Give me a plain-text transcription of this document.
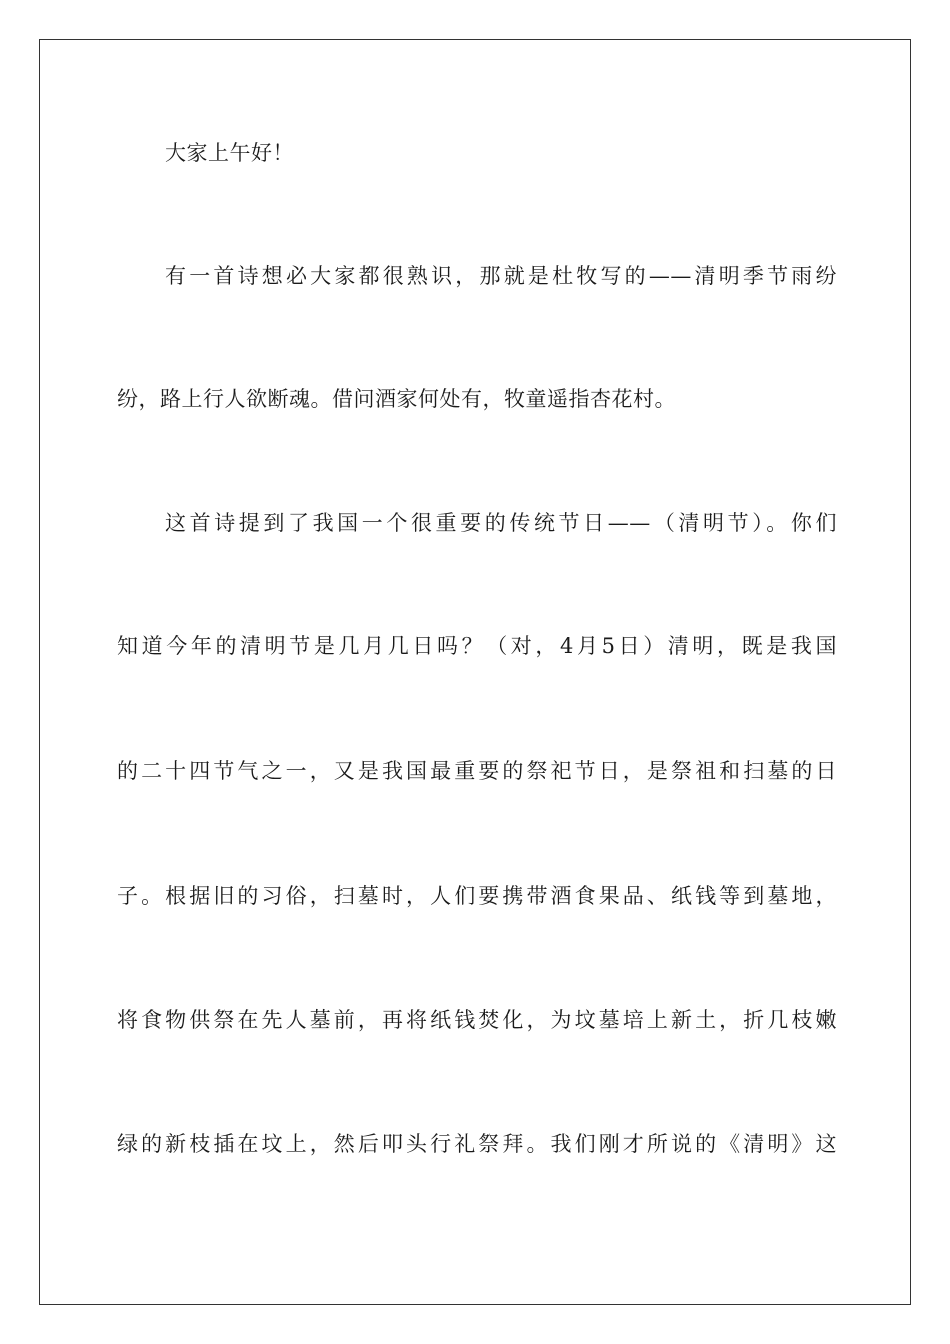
大家上午好！
有一首诗想必大家都很熟识，那就是杜牧写的——清明季节雨纷
纷，路上行人欲断魂。借问酒家何处有，牧童遥指杏花村。
这首诗提到了我国一个很重要的传统节日——（清明节）。你们
知道今年的清明节是几月几日吗？（对，4月5日）清明，既是我国
的二十四节气之一，又是我国最重要的祭祀节日，是祭祖和扫墓的日
子。根据旧的习俗，扫墓时，人们要携带酒食果品、纸钱等到墓地，
将食物供祭在先人墓前，再将纸钱焚化，为坟墓培上新土，折几枝嫩
绿的新枝插在坟上，然后叩头行礼祭拜。我们刚才所说的《清明》这
